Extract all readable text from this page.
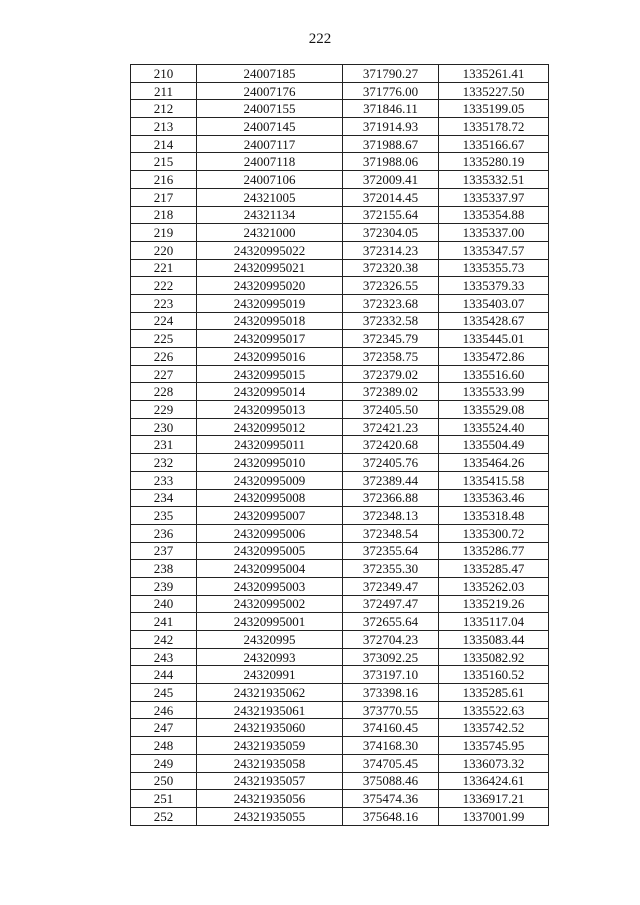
222
210	24007185	371790.27	1335261.41
211	24007176	371776.00	1335227.50
212	24007155	371846.11	1335199.05
213	24007145	371914.93	1335178.72
214	24007117	371988.67	1335166.67
215	24007118	371988.06	1335280.19
216	24007106	372009.41	1335332.51
217	24321005	372014.45	1335337.97
218	24321134	372155.64	1335354.88
219	24321000	372304.05	1335337.00
220	24320995022	372314.23	1335347.57
221	24320995021	372320.38	1335355.73
222	24320995020	372326.55	1335379.33
223	24320995019	372323.68	1335403.07
224	24320995018	372332.58	1335428.67
225	24320995017	372345.79	1335445.01
226	24320995016	372358.75	1335472.86
227	24320995015	372379.02	1335516.60
228	24320995014	372389.02	1335533.99
229	24320995013	372405.50	1335529.08
230	24320995012	372421.23	1335524.40
231	24320995011	372420.68	1335504.49
232	24320995010	372405.76	1335464.26
233	24320995009	372389.44	1335415.58
234	24320995008	372366.88	1335363.46
235	24320995007	372348.13	1335318.48
236	24320995006	372348.54	1335300.72
237	24320995005	372355.64	1335286.77
238	24320995004	372355.30	1335285.47
239	24320995003	372349.47	1335262.03
240	24320995002	372497.47	1335219.26
241	24320995001	372655.64	1335117.04
242	24320995	372704.23	1335083.44
243	24320993	373092.25	1335082.92
244	24320991	373197.10	1335160.52
245	24321935062	373398.16	1335285.61
246	24321935061	373770.55	1335522.63
247	24321935060	374160.45	1335742.52
248	24321935059	374168.30	1335745.95
249	24321935058	374705.45	1336073.32
250	24321935057	375088.46	1336424.61
251	24321935056	375474.36	1336917.21
252	24321935055	375648.16	1337001.99
